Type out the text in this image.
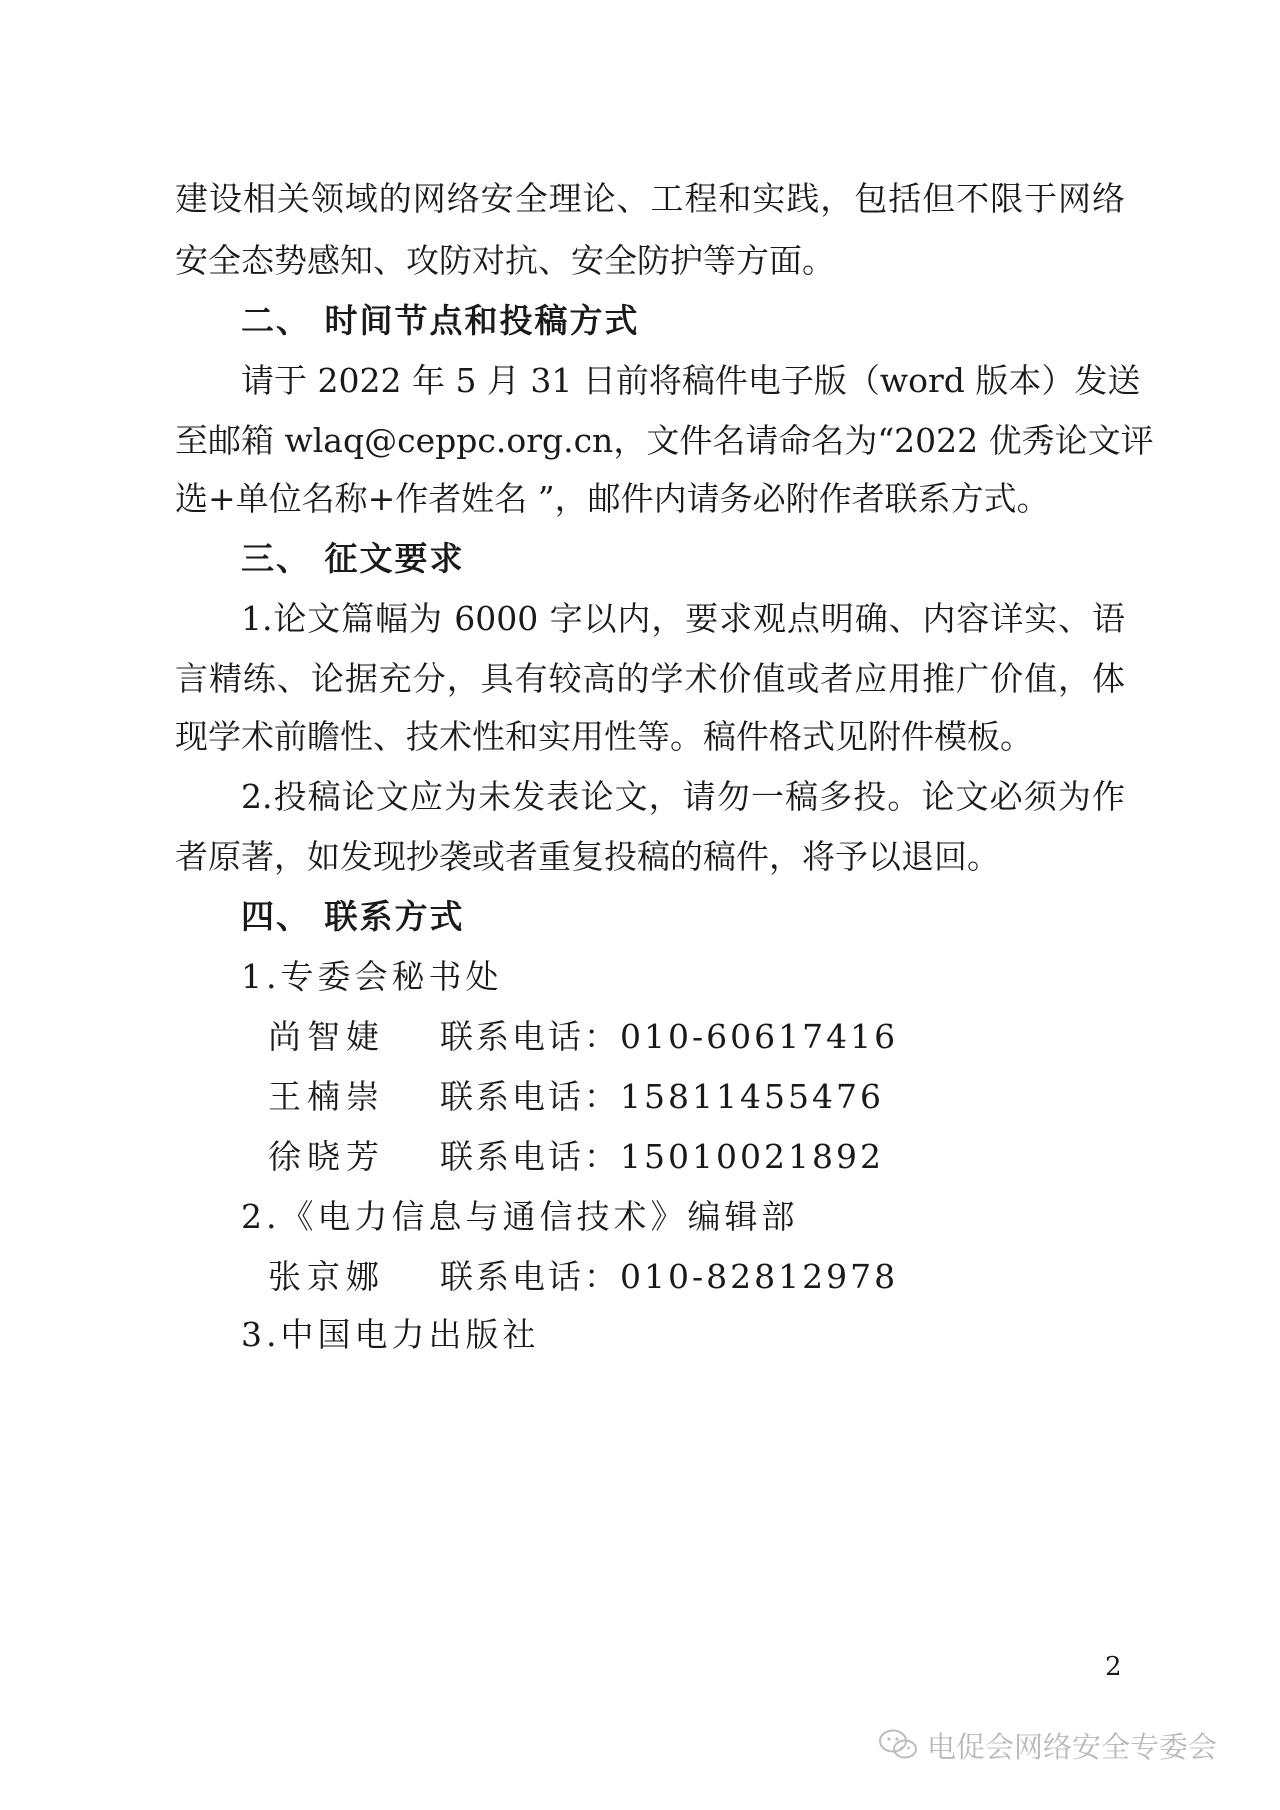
建设相关领域的网络安全理论、工程和实践，包括但不限于网络
安全态势感知、攻防对抗、安全防护等方面。
二、 时间节点和投稿方式
请于 2022 年 5 月 31 日前将稿件电子版（word 版本）发送
至邮箱 wlaq@ceppc.org.cn，文件名请命名为“2022 优秀论文评
选+单位名称+作者姓名 ”，邮件内请务必附作者联系方式。
三、 征文要求
1.论文篇幅为 6000 字以内，要求观点明确、内容详实、语
言精练、论据充分，具有较高的学术价值或者应用推广价值，体
现学术前瞻性、技术性和实用性等。稿件格式见附件模板。
2.投稿论文应为未发表论文，请勿一稿多投。论文必须为作
者原著，如发现抄袭或者重复投稿的稿件，将予以退回。
四、 联系方式
1.专委会秘书处
尚智婕 联系电话：010-60617416
王楠崇 联系电话：15811455476
徐晓芳 联系电话：15010021892
2.《电力信息与通信技术》编辑部
张京娜 联系电话：010-82812978
3.中国电力出版社
2
电促会网络安全专委会
